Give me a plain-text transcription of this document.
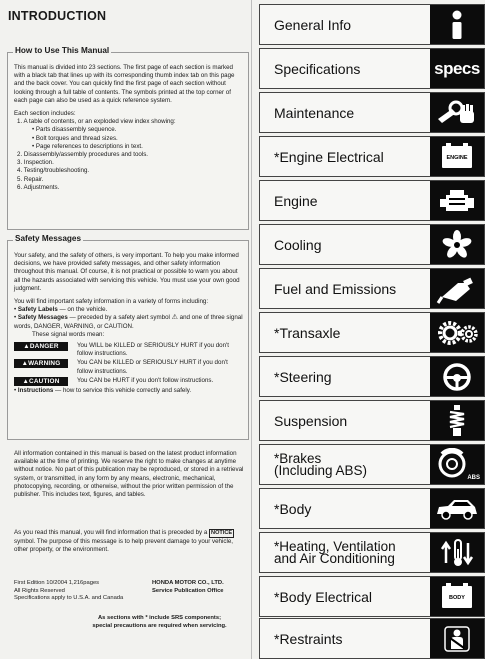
INTRODUCTION
How to Use This Manual

This manual is divided into 23 sections. The first page of each section is marked with a black tab that lines up with its corresponding thumb index tab on this page and the back cover. You can quickly find the first page of each section without looking through a full table of contents. The symbols printed at the top corner of each page can also be used as a quick reference system.

Each section includes:
1. A table of contents, or an exploded view index showing:
• Parts disassembly sequence.
• Bolt torques and thread sizes.
• Page references to descriptions in text.
2. Disassembly/assembly procedures and tools.
3. Inspection.
4. Testing/troubleshooting.
5. Repair.
6. Adjustments.
Safety Messages

Your safety, and the safety of others, is very important. To help you make informed decisions, we have provided safety messages, and other safety information throughout this manual. Of course, it is not practical or possible to warn you about all the hazards associated with servicing this vehicle. You must use your own good judgment.

You will find important safety information in a variety of forms including:
• Safety Labels — on the vehicle.
• Safety Messages — preceded by a safety alert symbol ⚠ and one of three signal words, DANGER, WARNING, or CAUTION.
These signal words mean:
▲DANGER	You WILL be KILLED or SERIOUSLY HURT if you don't follow instructions.
▲WARNING	You CAN be KILLED or SERIOUSLY HURT if you don't follow instructions.
▲CAUTION	You CAN be HURT if you don't follow instructions.
• Instructions — how to service this vehicle correctly and safely.
All information contained in this manual is based on the latest product information available at the time of printing. We reserve the right to make changes at anytime without notice. No part of this publication may be reproduced, or stored in a retrieval system, or transmitted, in any form by any means, electronic, mechanical, photocopying, recording, or otherwise, without the prior written permission of the publisher. This includes text, figures, and tables.
As you read this manual, you will find information that is preceded by a NOTICE symbol. The purpose of this message is to help prevent damage to your vehicle, other property, or the environment.
First Edition 10/2004 1,216pages
All Rights Reserved
Specifications apply to U.S.A. and Canada
HONDA MOTOR CO., LTD.
Service Publication Office
As sections with * include SRS components;
special precautions are required when servicing.
General Info
Specifications	specs
Maintenance
*Engine Electrical	ENGINE
Engine
Cooling
Fuel and Emissions
*Transaxle
*Steering
Suspension
*Brakes
(Including ABS)	ABS
*Body
*Heating, Ventilation
and Air Conditioning
*Body Electrical	BODY
*Restraints
